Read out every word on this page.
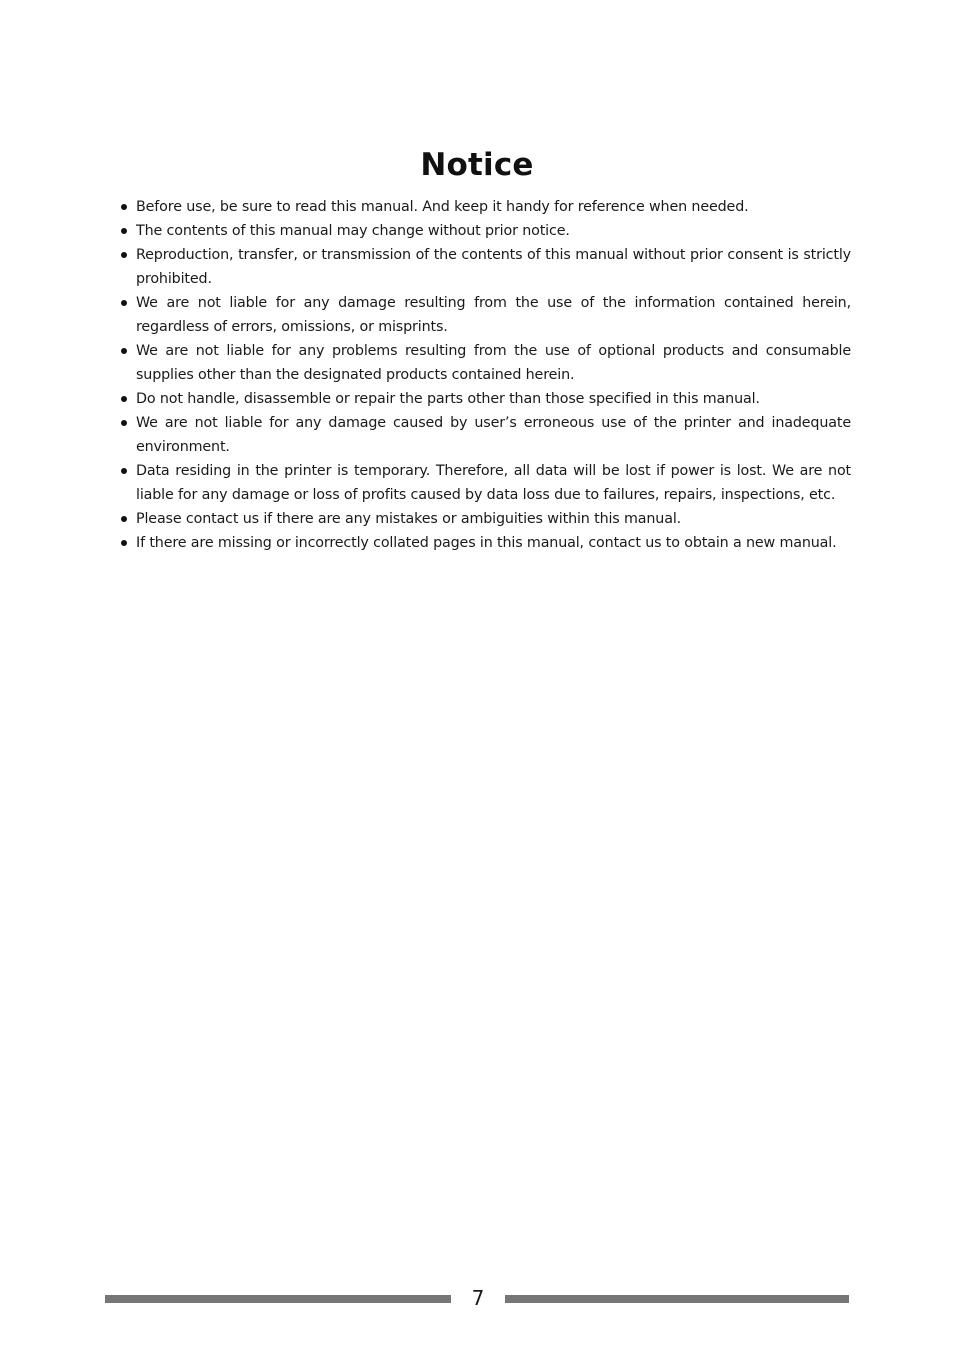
Notice
Before use, be sure to read this manual. And keep it handy for reference when needed.
The contents of this manual may change without prior notice.
Reproduction, transfer, or transmission of the contents of this manual without prior consent is strictly prohibited.
We are not liable for any damage resulting from the use of the information contained herein, regardless of errors, omissions, or misprints.
We are not liable for any problems resulting from the use of optional products and consumable supplies other than the designated products contained herein.
Do not handle, disassemble or repair the parts other than those specified in this manual.
We are not liable for any damage caused by user’s erroneous use of the printer and inadequate environment.
Data residing in the printer is temporary. Therefore, all data will be lost if power is lost. We are not liable for any damage or loss of profits caused by data loss due to failures, repairs, inspections, etc.
Please contact us if there are any mistakes or ambiguities within this manual.
If there are missing or incorrectly collated pages in this manual, contact us to obtain a new manual.
7
